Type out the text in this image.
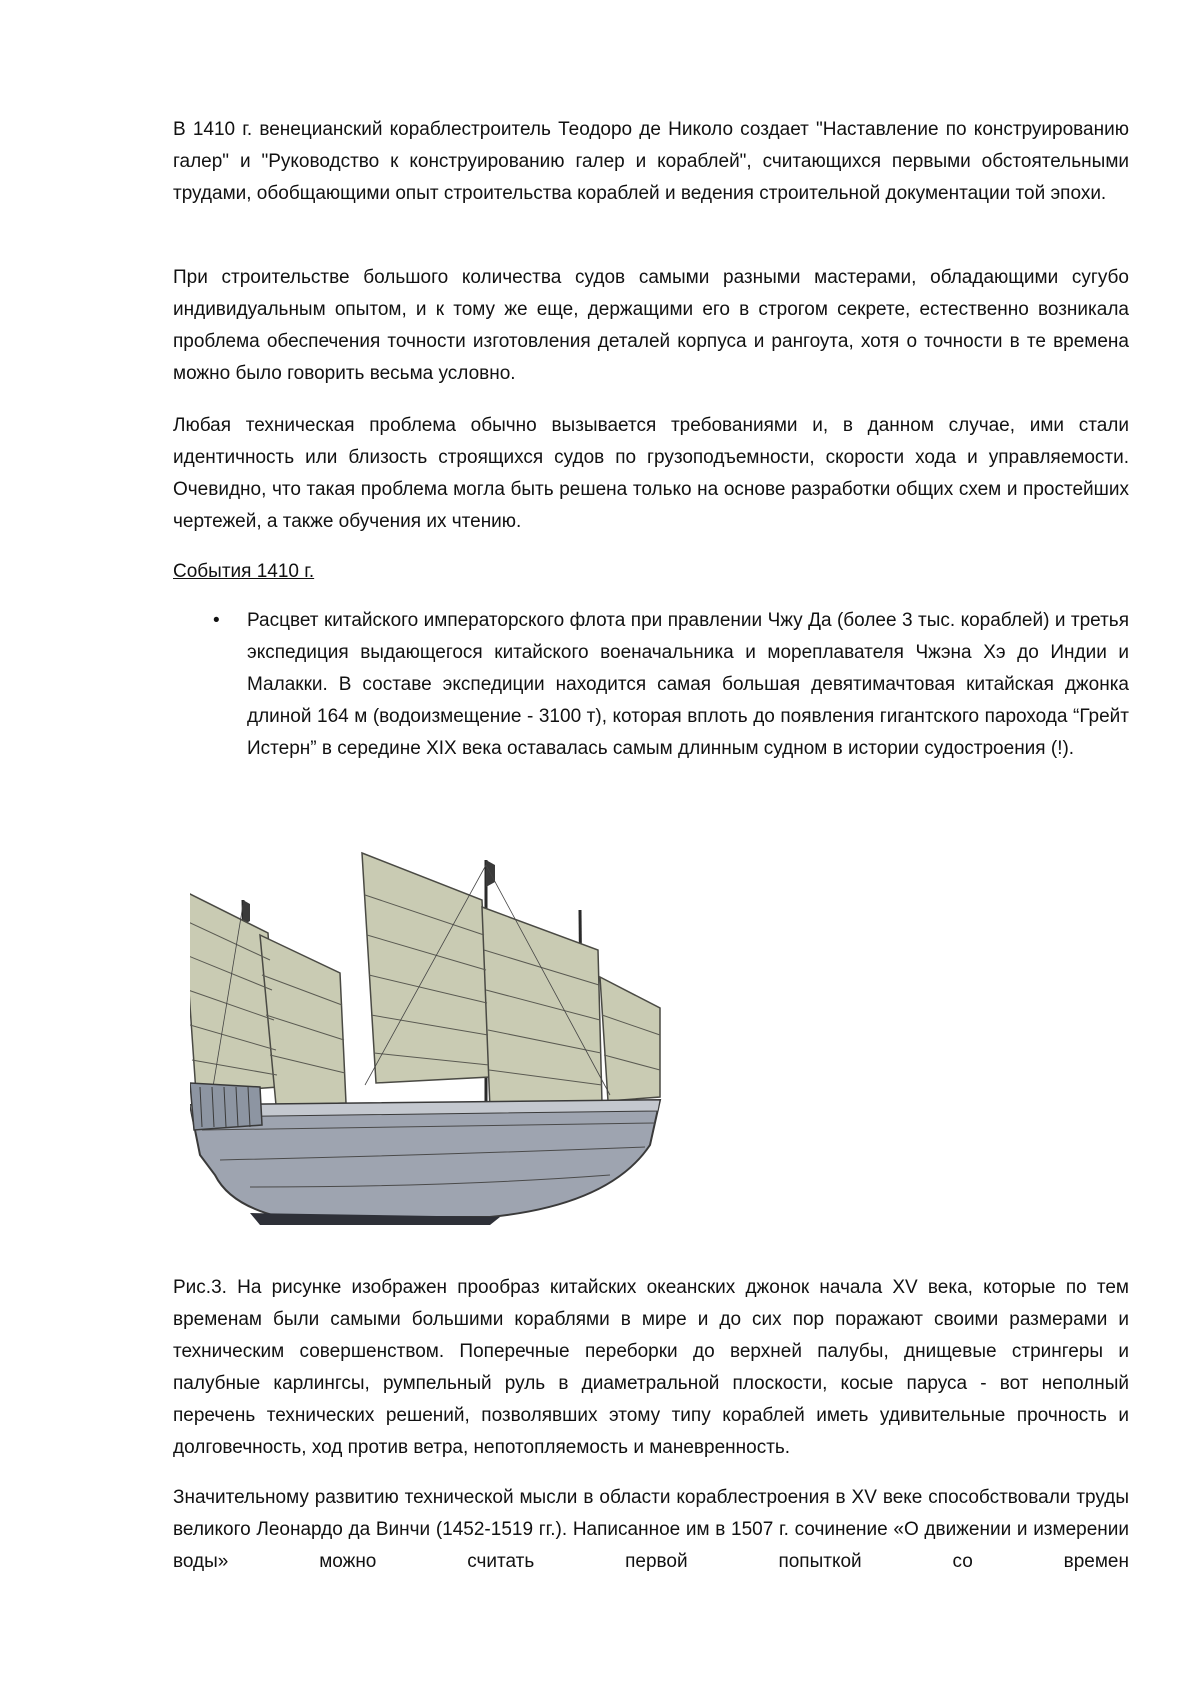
В 1410 г. венецианский кораблестроитель Теодоро де Николо создает "Наставление по конструированию галер" и "Руководство к конструированию галер и кораблей", считающихся первыми обстоятельными трудами, обобщающими опыт строительства кораблей и ведения строительной документации той эпохи.

При строительстве большого количества судов самыми разными мастерами, обладающими сугубо индивидуальным опытом, и к тому же еще, держащими его в строгом секрете, естественно возникала проблема обеспечения точности изготовления деталей корпуса и рангоута, хотя о точности в те времена можно было говорить весьма условно.

Любая техническая проблема обычно вызывается требованиями и, в данном случае, ими стали идентичность или близость строящихся судов по грузоподъемности, скорости хода и управляемости. Очевидно, что такая проблема могла быть решена только на основе разработки общих схем и простейших чертежей, а также обучения их чтению.

События 1410 г.

• Расцвет китайского императорского флота при правлении Чжу Да (более 3 тыс. кораблей) и третья экспедиция выдающегося китайского военачальника и мореплавателя Чжэна Хэ до Индии и Малакки. В составе экспедиции находится самая большая девятимачтовая китайская джонка длиной 164 м (водоизмещение - 3100 т), которая вплоть до появления гигантского парохода “Грейт Истерн” в середине XIX века оставалась самым длинным судном в истории судостроения (!).

Рис.3. На рисунке изображен прообраз китайских океанских джонок начала XV века, которые по тем временам были самыми большими кораблями в мире и до сих пор поражают своими размерами и техническим совершенством. Поперечные переборки до верхней палубы, днищевые стрингеры и палубные карлингсы, румпельный руль в диаметральной плоскости, косые паруса - вот неполный перечень технических решений, позволявших этому типу кораблей иметь удивительные прочность и долговечность, ход против ветра, непотопляемость и маневренность.

Значительному развитию технической мысли в области кораблестроения в XV веке способствовали труды великого Леонардо да Винчи (1452-1519 гг.). Написанное им в 1507 г. сочинение «О движении и измерении воды» можно считать первой попыткой со времен
